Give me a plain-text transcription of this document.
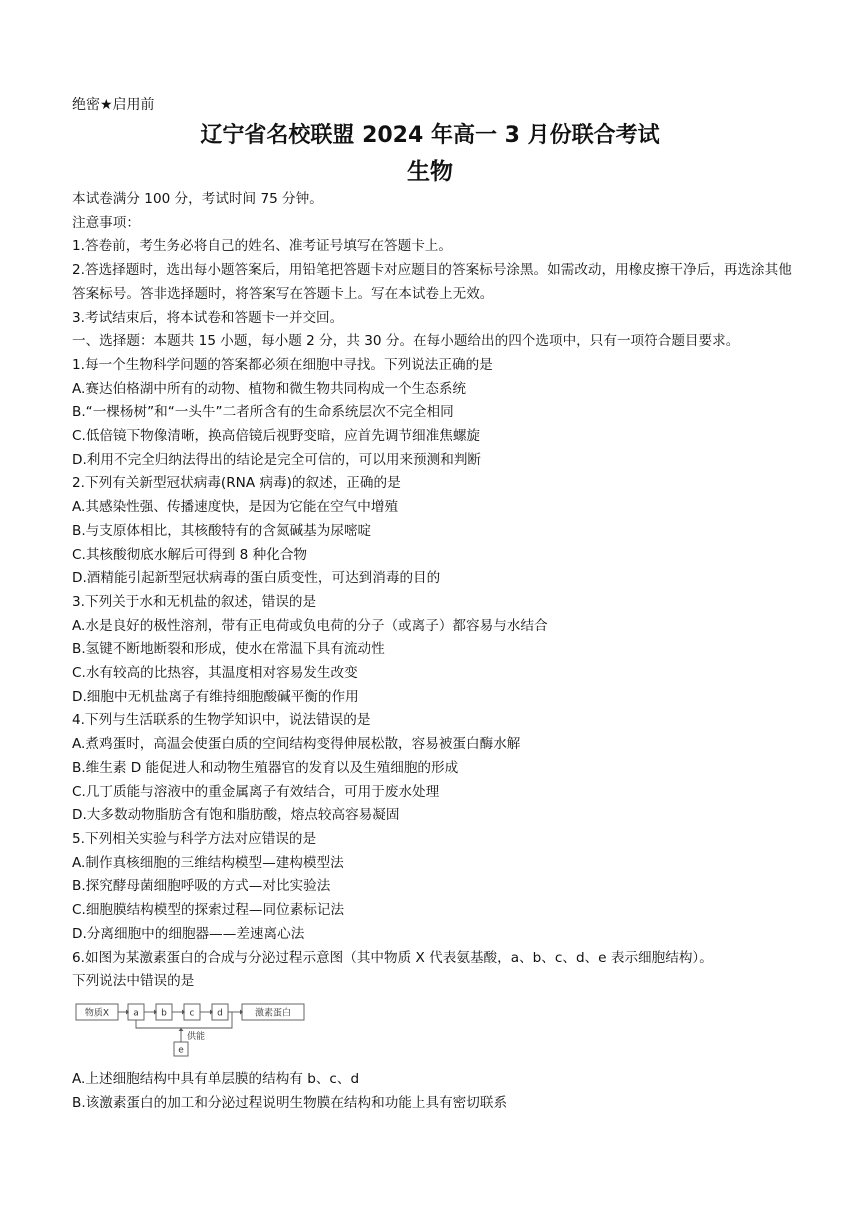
绝密★启用前
辽宁省名校联盟 2024 年高一 3 月份联合考试
生物

本试卷满分 100 分，考试时间 75 分钟。

注意事项：

1.答卷前，考生务必将自己的姓名、准考证号填写在答题卡上。

2.答选择题时，选出每小题答案后，用铅笔把答题卡对应题目的答案标号涂黑。如需改动，用橡皮擦干净后，再选涂其他答案标号。答非选择题时，将答案写在答题卡上。写在本试卷上无效。

3.考试结束后，将本试卷和答题卡一并交回。

一、选择题：本题共 15 小题，每小题 2 分，共 30 分。在每小题给出的四个选项中，只有一项符合题目要求。

1.每一个生物科学问题的答案都必须在细胞中寻找。下列说法正确的是

A.赛达伯格湖中所有的动物、植物和微生物共同构成一个生态系统

B.“一棵杨树”和“一头牛”二者所含有的生命系统层次不完全相同

C.低倍镜下物像清晰，换高倍镜后视野变暗，应首先调节细准焦螺旋

D.利用不完全归纳法得出的结论是完全可信的，可以用来预测和判断

2.下列有关新型冠状病毒(RNA 病毒)的叙述，正确的是

A.其感染性强、传播速度快，是因为它能在空气中增殖

B.与支原体相比，其核酸特有的含氮碱基为尿嘧啶

C.其核酸彻底水解后可得到 8 种化合物

D.酒精能引起新型冠状病毒的蛋白质变性，可达到消毒的目的

3.下列关于水和无机盐的叙述，错误的是

A.水是良好的极性溶剂，带有正电荷或负电荷的分子（或离子）都容易与水结合

B.氢键不断地断裂和形成，使水在常温下具有流动性

C.水有较高的比热容，其温度相对容易发生改变

D.细胞中无机盐离子有维持细胞酸碱平衡的作用

4.下列与生活联系的生物学知识中，说法错误的是

A.煮鸡蛋时，高温会使蛋白质的空间结构变得伸展松散，容易被蛋白酶水解

B.维生素 D 能促进人和动物生殖器官的发育以及生殖细胞的形成

C.几丁质能与溶液中的重金属离子有效结合，可用于废水处理

D.大多数动物脂肪含有饱和脂肪酸，熔点较高容易凝固

5.下列相关实验与科学方法对应错误的是

A.制作真核细胞的三维结构模型—建构模型法

B.探究酵母菌细胞呼吸的方式—对比实验法

C.细胞膜结构模型的探索过程—同位素标记法

D.分离细胞中的细胞器——差速离心法

6.如图为某激素蛋白的合成与分泌过程示意图（其中物质 X 代表氨基酸，a、b、c、d、e 表示细胞结构）。

下列说法中错误的是

物质X	a b	c	d	激素蛋白
供能
e

A.上述细胞结构中具有单层膜的结构有 b、c、d

B.该激素蛋白的加工和分泌过程说明生物膜在结构和功能上具有密切联系
